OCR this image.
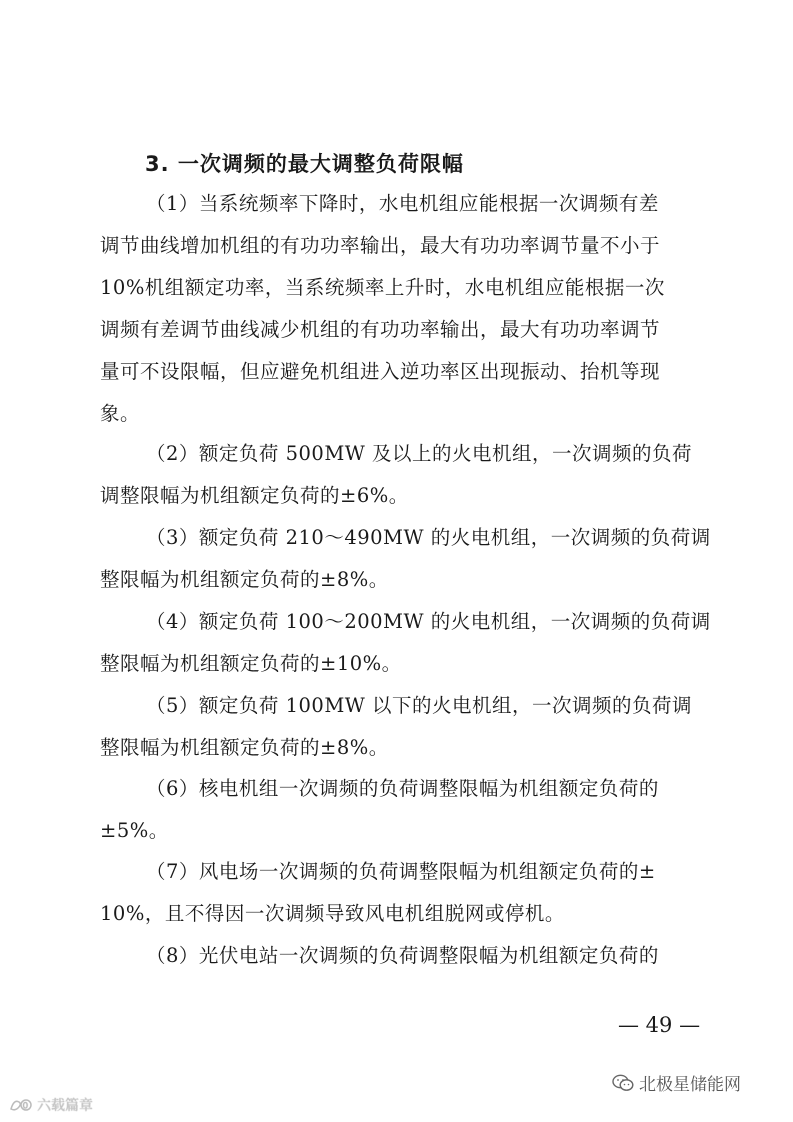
3. 一次调频的最大调整负荷限幅
（1）当系统频率下降时，水电机组应能根据一次调频有差
调节曲线增加机组的有功功率输出，最大有功功率调节量不小于
10%机组额定功率，当系统频率上升时，水电机组应能根据一次
调频有差调节曲线减少机组的有功功率输出，最大有功功率调节
量可不设限幅，但应避免机组进入逆功率区出现振动、抬机等现
象。
（2）额定负荷 500MW 及以上的火电机组，一次调频的负荷
调整限幅为机组额定负荷的±6%。
（3）额定负荷 210～490MW 的火电机组，一次调频的负荷调
整限幅为机组额定负荷的±8%。
（4）额定负荷 100～200MW 的火电机组，一次调频的负荷调
整限幅为机组额定负荷的±10%。
（5）额定负荷 100MW 以下的火电机组，一次调频的负荷调
整限幅为机组额定负荷的±8%。
（6）核电机组一次调频的负荷调整限幅为机组额定负荷的
±5%。
（7）风电场一次调频的负荷调整限幅为机组额定负荷的±
10%，且不得因一次调频导致风电机组脱网或停机。
（8）光伏电站一次调频的负荷调整限幅为机组额定负荷的
— 49 —
北极星储能网
0 六载篇章
